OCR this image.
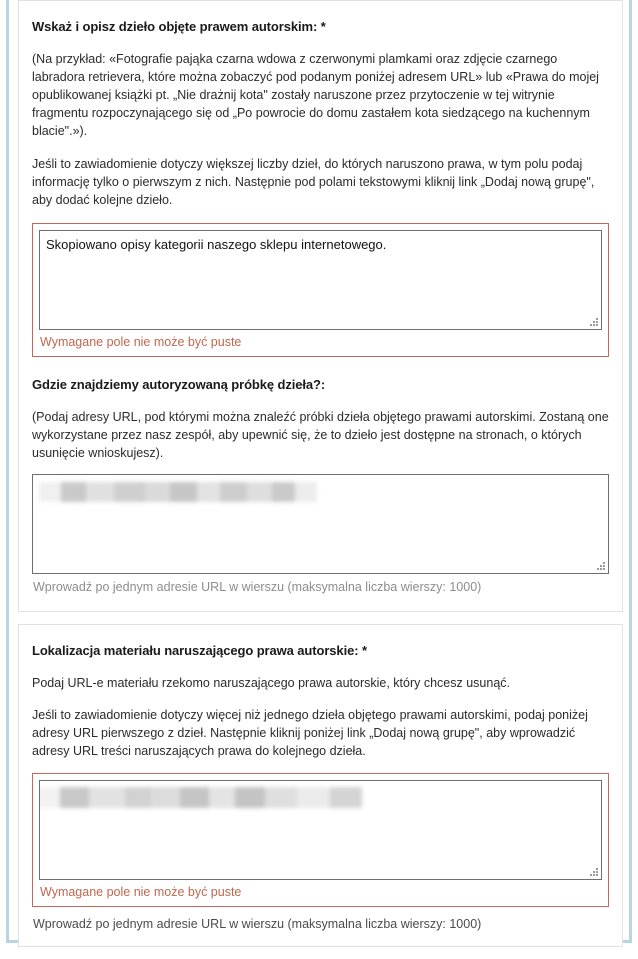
Wskaż i opisz dzieło objęte prawem autorskim: *

(Na przykład: «Fotografie pająka czarna wdowa z czerwonymi plamkami oraz zdjęcie czarnego labradora retrievera, które można zobaczyć pod podanym poniżej adresem URL» lub «Prawa do mojej opublikowanej książki pt. „Nie drażnij kota" zostały naruszone przez przytoczenie w tej witrynie fragmentu rozpoczynającego się od „Po powrocie do domu zastałem kota siedzącego na kuchennym blacie".»).

Jeśli to zawiadomienie dotyczy większej liczby dzieł, do których naruszono prawa, w tym polu podaj informację tylko o pierwszym z nich. Następnie pod polami tekstowymi kliknij link „Dodaj nową grupę", aby dodać kolejne dzieło.

Skopiowano opisy kategorii naszego sklepu internetowego.
Wymagane pole nie może być puste
Gdzie znajdziemy autoryzowaną próbkę dzieła?:

(Podaj adresy URL, pod którymi można znaleźć próbki dzieła objętego prawami autorskimi. Zostaną one wykorzystane przez nasz zespół, aby upewnić się, że to dzieło jest dostępne na stronach, o których usunięcie wnioskujesz).

Wprowadź po jednym adresie URL w wierszu (maksymalna liczba wierszy: 1000)
Lokalizacja materiału naruszającego prawa autorskie: *

Podaj URL-e materiału rzekomo naruszającego prawa autorskie, który chcesz usunąć.

Jeśli to zawiadomienie dotyczy więcej niż jednego dzieła objętego prawami autorskimi, podaj poniżej adresy URL pierwszego z dzieł. Następnie kliknij poniżej link „Dodaj nową grupę", aby wprowadzić adresy URL treści naruszających prawa do kolejnego dzieła.

Wymagane pole nie może być puste
Wprowadź po jednym adresie URL w wierszu (maksymalna liczba wierszy: 1000)
